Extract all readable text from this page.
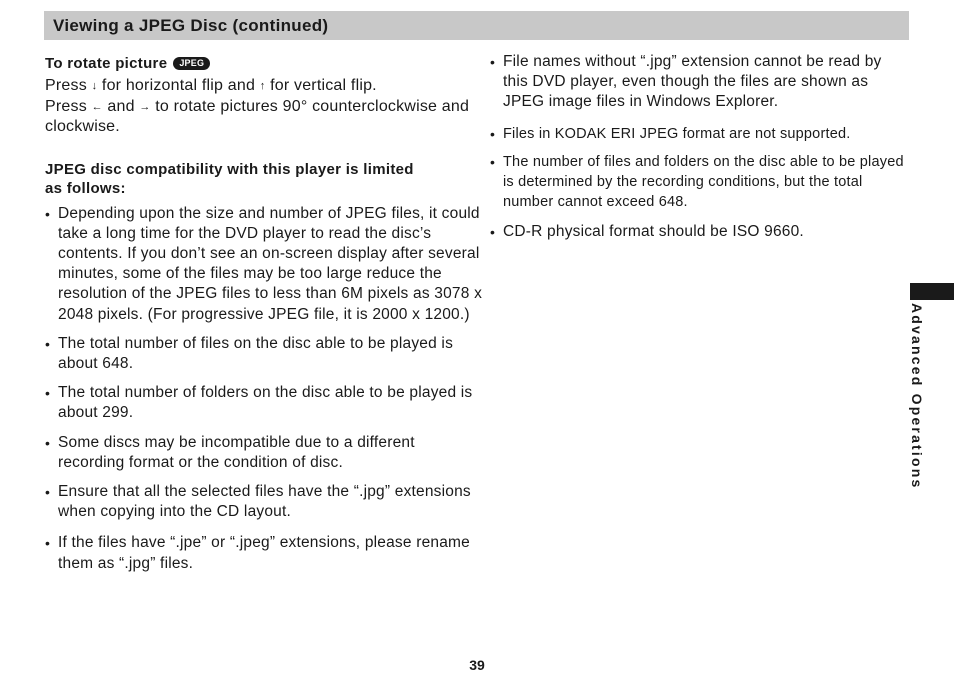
Viewing a JPEG Disc (continued)
To rotate picture JPEG
Press ↓ for horizontal flip and ↑ for vertical flip.
Press ← and → to rotate pictures 90° counterclockwise and clockwise.
JPEG disc compatibility with this player is limited as follows:
• Depending upon the size and number of JPEG files, it could take a long time for the DVD player to read the disc’s contents. If you don’t see an on-screen display after several minutes, some of the files may be too large reduce the resolution of the JPEG files to less than 6M pixels as 3078 x 2048 pixels. (For progressive JPEG file, it is 2000 x 1200.)
• The total number of files on the disc able to be played is about 648.
• The total number of folders on the disc able to be played is about 299.
• Some discs may be incompatible due to a different recording format or the condition of disc.
• Ensure that all the selected files have the “.jpg” extensions when copying into the CD layout.
• If the files have “.jpe” or “.jpeg” extensions, please rename them as “.jpg” files.
• File names without “.jpg” extension cannot be read by this DVD player, even though the files are shown as JPEG image files in Windows Explorer.
• Files in KODAK ERI JPEG format are not supported.
• The number of files and folders on the disc able to be played is determined by the recording conditions, but the total number cannot exceed 648.
• CD-R physical format should be ISO 9660.
Advanced Operations
39
